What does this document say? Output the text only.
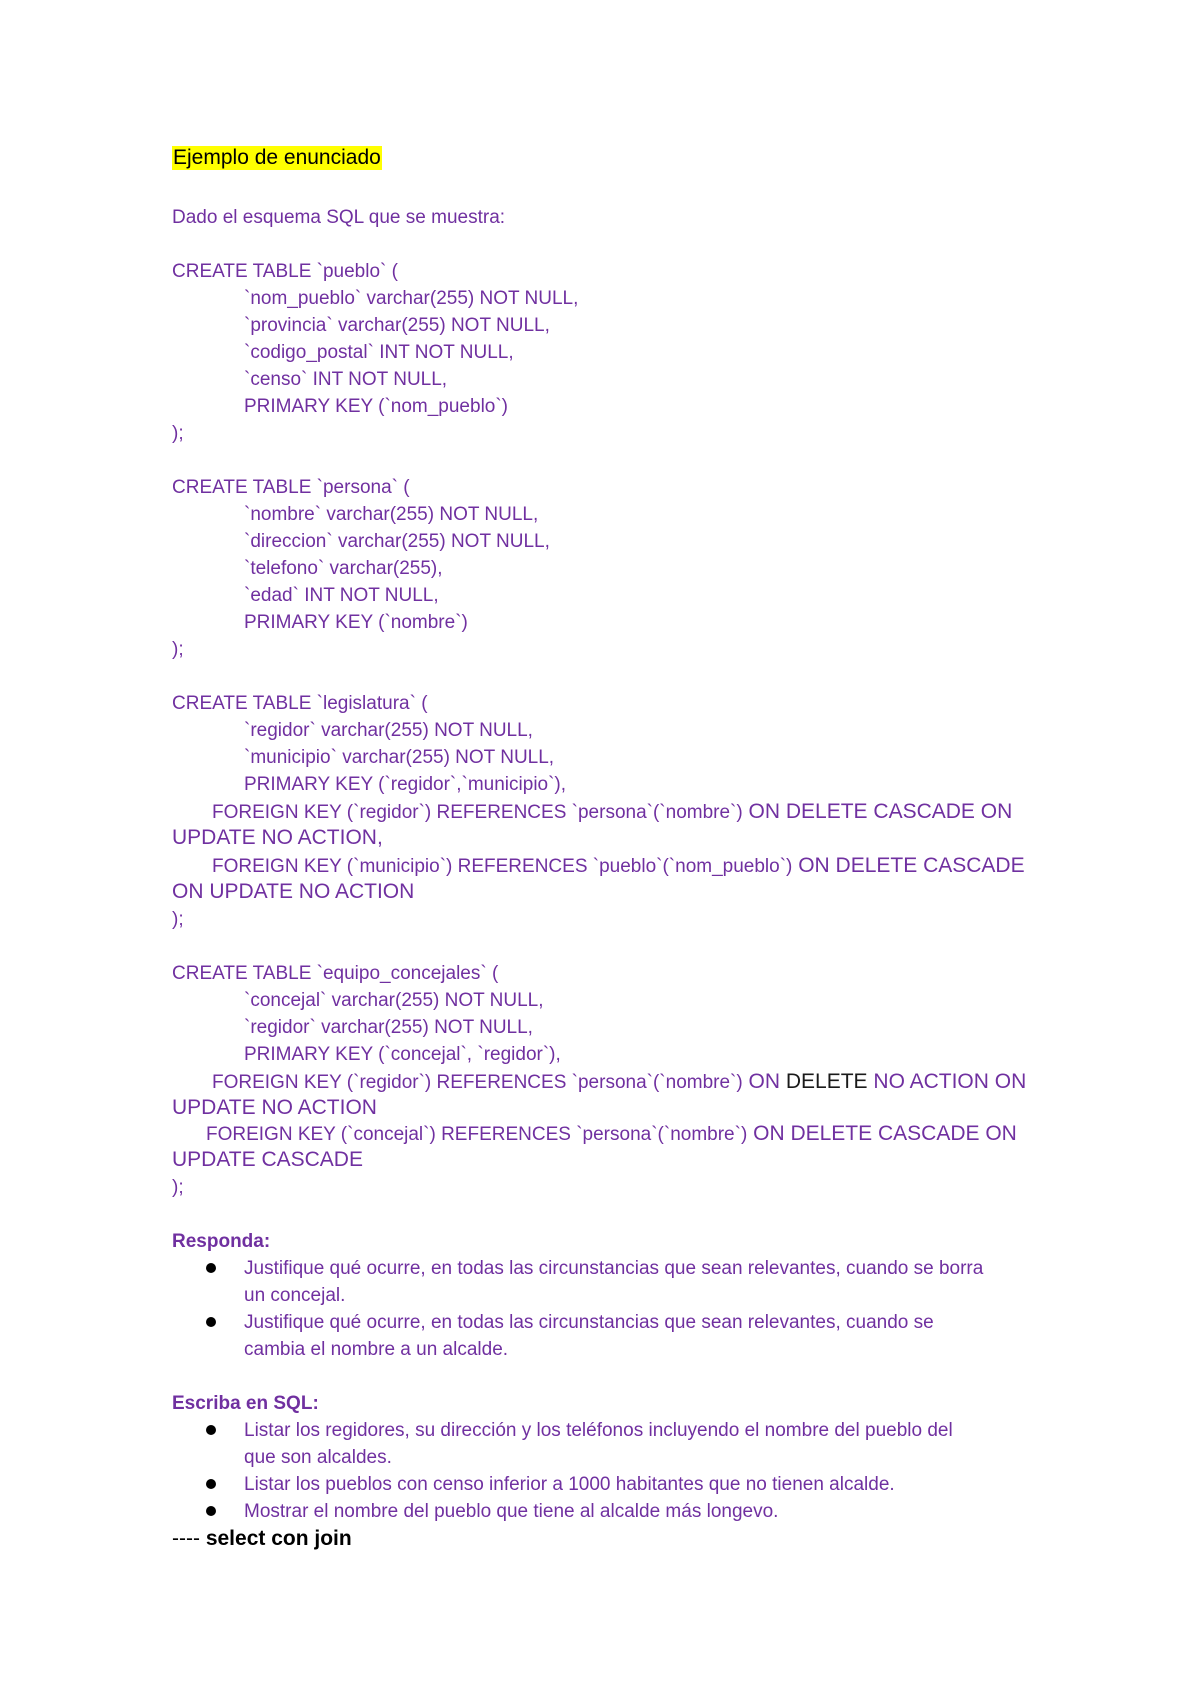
Ejemplo de enunciado
Dado el esquema SQL que se muestra:
CREATE TABLE `pueblo` (
`nom_pueblo` varchar(255) NOT NULL,
`provincia` varchar(255) NOT NULL,
`codigo_postal` INT NOT NULL,
`censo` INT NOT NULL,
PRIMARY KEY (`nom_pueblo`)
);
CREATE TABLE `persona` (
`nombre` varchar(255) NOT NULL,
`direccion` varchar(255) NOT NULL,
`telefono` varchar(255),
`edad` INT NOT NULL,
PRIMARY KEY (`nombre`)
);
CREATE TABLE `legislatura` (
`regidor` varchar(255) NOT NULL,
`municipio` varchar(255) NOT NULL,
PRIMARY KEY (`regidor`,`municipio`),
FOREIGN KEY (`regidor`) REFERENCES `persona`(`nombre`) ON DELETE CASCADE ON
UPDATE NO ACTION,
FOREIGN KEY (`municipio`) REFERENCES `pueblo`(`nom_pueblo`) ON DELETE CASCADE
ON UPDATE NO ACTION
);
CREATE TABLE `equipo_concejales` (
`concejal` varchar(255) NOT NULL,
`regidor` varchar(255) NOT NULL,
PRIMARY KEY (`concejal`, `regidor`),
FOREIGN KEY (`regidor`) REFERENCES `persona`(`nombre`) ON DELETE NO ACTION ON
UPDATE NO ACTION
FOREIGN KEY (`concejal`) REFERENCES `persona`(`nombre`) ON DELETE CASCADE ON
UPDATE CASCADE
);
Responda:
Justifique qué ocurre, en todas las circunstancias que sean relevantes, cuando se borra
un concejal.
Justifique qué ocurre, en todas las circunstancias que sean relevantes, cuando se
cambia el nombre a un alcalde.
Escriba en SQL:
Listar los regidores, su dirección y los teléfonos incluyendo el nombre del pueblo del
que son alcaldes.
Listar los pueblos con censo inferior a 1000 habitantes que no tienen alcalde.
Mostrar el nombre del pueblo que tiene al alcalde más longevo.
---- select con join
